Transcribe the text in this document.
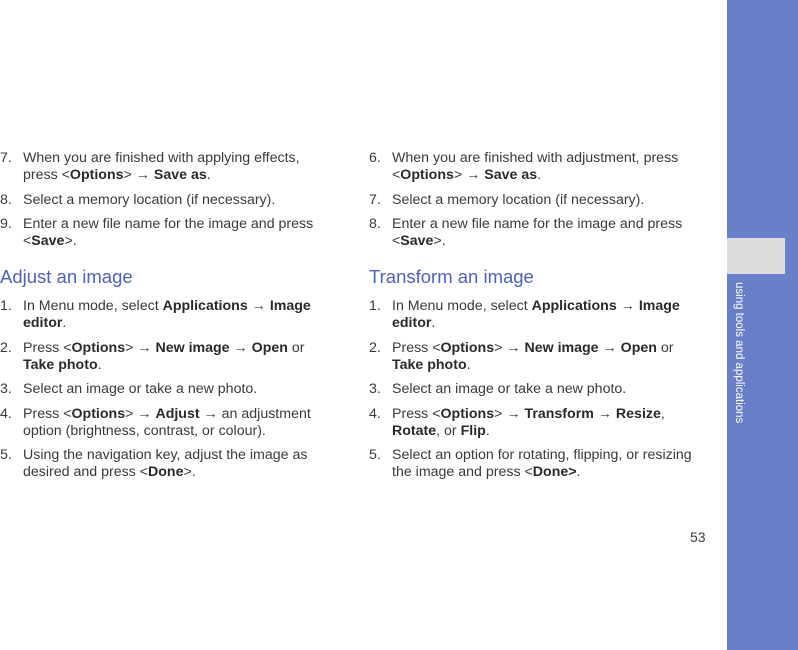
using tools and applications
7. When you are finished with applying effects, press <Options> → Save as.
8. Select a memory location (if necessary).
9. Enter a new file name for the image and press <Save>.
Adjust an image
1. In Menu mode, select Applications → Image editor.
2. Press <Options> → New image → Open or Take photo.
3. Select an image or take a new photo.
4. Press <Options> → Adjust → an adjustment option (brightness, contrast, or colour).
5. Using the navigation key, adjust the image as desired and press <Done>.
6. When you are finished with adjustment, press <Options> → Save as.
7. Select a memory location (if necessary).
8. Enter a new file name for the image and press <Save>.
Transform an image
1. In Menu mode, select Applications → Image editor.
2. Press <Options> → New image → Open or Take photo.
3. Select an image or take a new photo.
4. Press <Options> → Transform → Resize, Rotate, or Flip.
5. Select an option for rotating, flipping, or resizing the image and press <Done>.
53
